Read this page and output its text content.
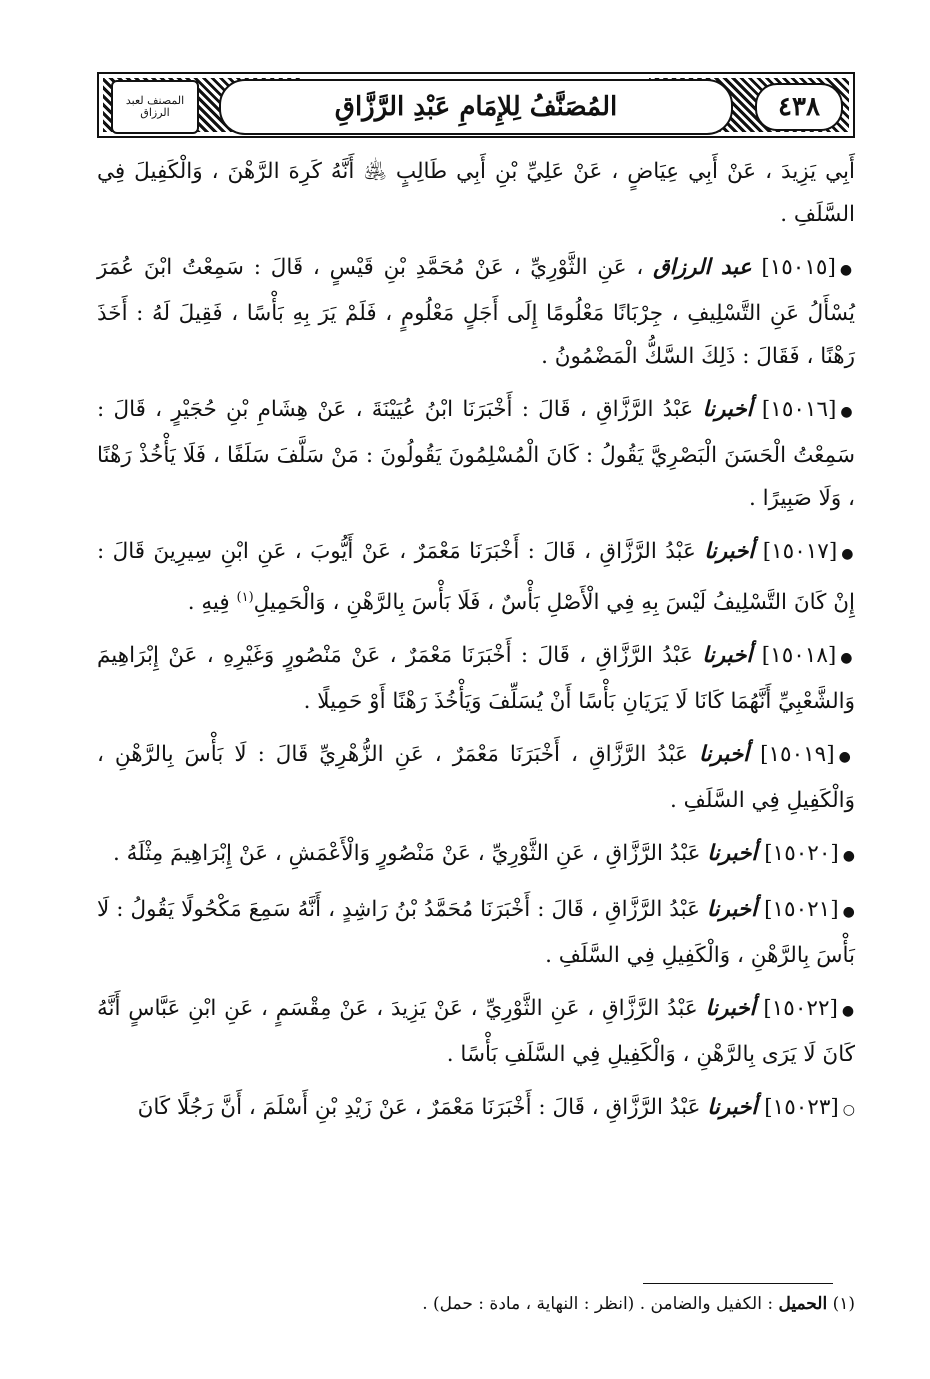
٤٣٨
المُصَنَّفُ لِلإِمَامِ عَبْدِ الرَّزَّاقِ
المصنف لعبد الرزاق

أَبِي يَزِيدَ ، عَنْ أَبِي عِيَاضٍ ، عَنْ عَلِيِّ بْنِ أَبِي طَالِبٍ ﵁ أَنَّهُ كَرِهَ الرَّهْنَ ، وَالْكَفِيلَ فِي السَّلَفِ .

●[١٥٠١٥] عبد الرزاق ، عَنِ الثَّوْرِيِّ ، عَنْ مُحَمَّدِ بْنِ قَيْسٍ ، قَالَ : سَمِعْتُ ابْنَ عُمَرَ يُسْأَلُ عَنِ التَّسْلِيفِ ، جِرْبَانًا مَعْلُومًا إِلَى أَجَلٍ مَعْلُومٍ ، فَلَمْ يَرَ بِهِ بَأْسًا ، فَقِيلَ لَهُ : أَخَذَ رَهْنًا ، فَقَالَ : ذَلِكَ السَّكُّ الْمَضْمُونُ .

●[١٥٠١٦] أخبرنا عَبْدُ الرَّزَّاقِ ، قَالَ : أَخْبَرَنَا ابْنُ عُيَيْنَةَ ، عَنْ هِشَامِ بْنِ حُجَيْرٍ ، قَالَ : سَمِعْتُ الْحَسَنَ الْبَصْرِيَّ يَقُولُ : كَانَ الْمُسْلِمُونَ يَقُولُونَ : مَنْ سَلَّفَ سَلَفًا ، فَلَا يَأْخُذْ رَهْنًا ، وَلَا صَبِيرًا .

●[١٥٠١٧] أخبرنا عَبْدُ الرَّزَّاقِ ، قَالَ : أَخْبَرَنَا مَعْمَرٌ ، عَنْ أَيُّوبَ ، عَنِ ابْنِ سِيرِينَ قَالَ : إِنْ كَانَ التَّسْلِيفُ لَيْسَ بِهِ فِي الْأَصْلِ بَأْسٌ ، فَلَا بَأْسَ بِالرَّهْنِ ، وَالْحَمِيلِ$^{(١)}$ فِيهِ .

●[١٥٠١٨] أخبرنا عَبْدُ الرَّزَّاقِ ، قَالَ : أَخْبَرَنَا مَعْمَرٌ ، عَنْ مَنْصُورٍ وَغَيْرِهِ ، عَنْ إِبْرَاهِيمَ وَالشَّعْبِيِّ أَنَّهُمَا كَانَا لَا يَرَيَانِ بَأْسًا أَنْ يُسَلِّفَ وَيَأْخُذَ رَهْنًا أَوْ حَمِيلًا .

●[١٥٠١٩] أخبرنا عَبْدُ الرَّزَّاقِ ، أَخْبَرَنَا مَعْمَرٌ ، عَنِ الزُّهْرِيِّ قَالَ : لَا بَأْسَ بِالرَّهْنِ ، وَالْكَفِيلِ فِي السَّلَفِ .

●[١٥٠٢٠] أخبرنا عَبْدُ الرَّزَّاقِ ، عَنِ الثَّوْرِيِّ ، عَنْ مَنْصُورٍ وَالْأَعْمَشِ ، عَنْ إِبْرَاهِيمَ مِثْلَهُ .

●[١٥٠٢١] أخبرنا عَبْدُ الرَّزَّاقِ ، قَالَ : أَخْبَرَنَا مُحَمَّدُ بْنُ رَاشِدٍ ، أَنَّهُ سَمِعَ مَكْحُولًا يَقُولُ : لَا بَأْسَ بِالرَّهْنِ ، وَالْكَفِيلِ فِي السَّلَفِ .

●[١٥٠٢٢] أخبرنا عَبْدُ الرَّزَّاقِ ، عَنِ الثَّوْرِيِّ ، عَنْ يَزِيدَ ، عَنْ مِقْسَمٍ ، عَنِ ابْنِ عَبَّاسٍ أَنَّهُ كَانَ لَا يَرَى بِالرَّهْنِ ، وَالْكَفِيلِ فِي السَّلَفِ بَأْسًا .

○[١٥٠٢٣] أخبرنا عَبْدُ الرَّزَّاقِ ، قَالَ : أَخْبَرَنَا مَعْمَرٌ ، عَنْ زَيْدِ بْنِ أَسْلَمَ ، أَنَّ رَجُلًا كَانَ

(١) الحميل : الكفيل والضامن . (انظر : النهاية ، مادة : حمل) .
